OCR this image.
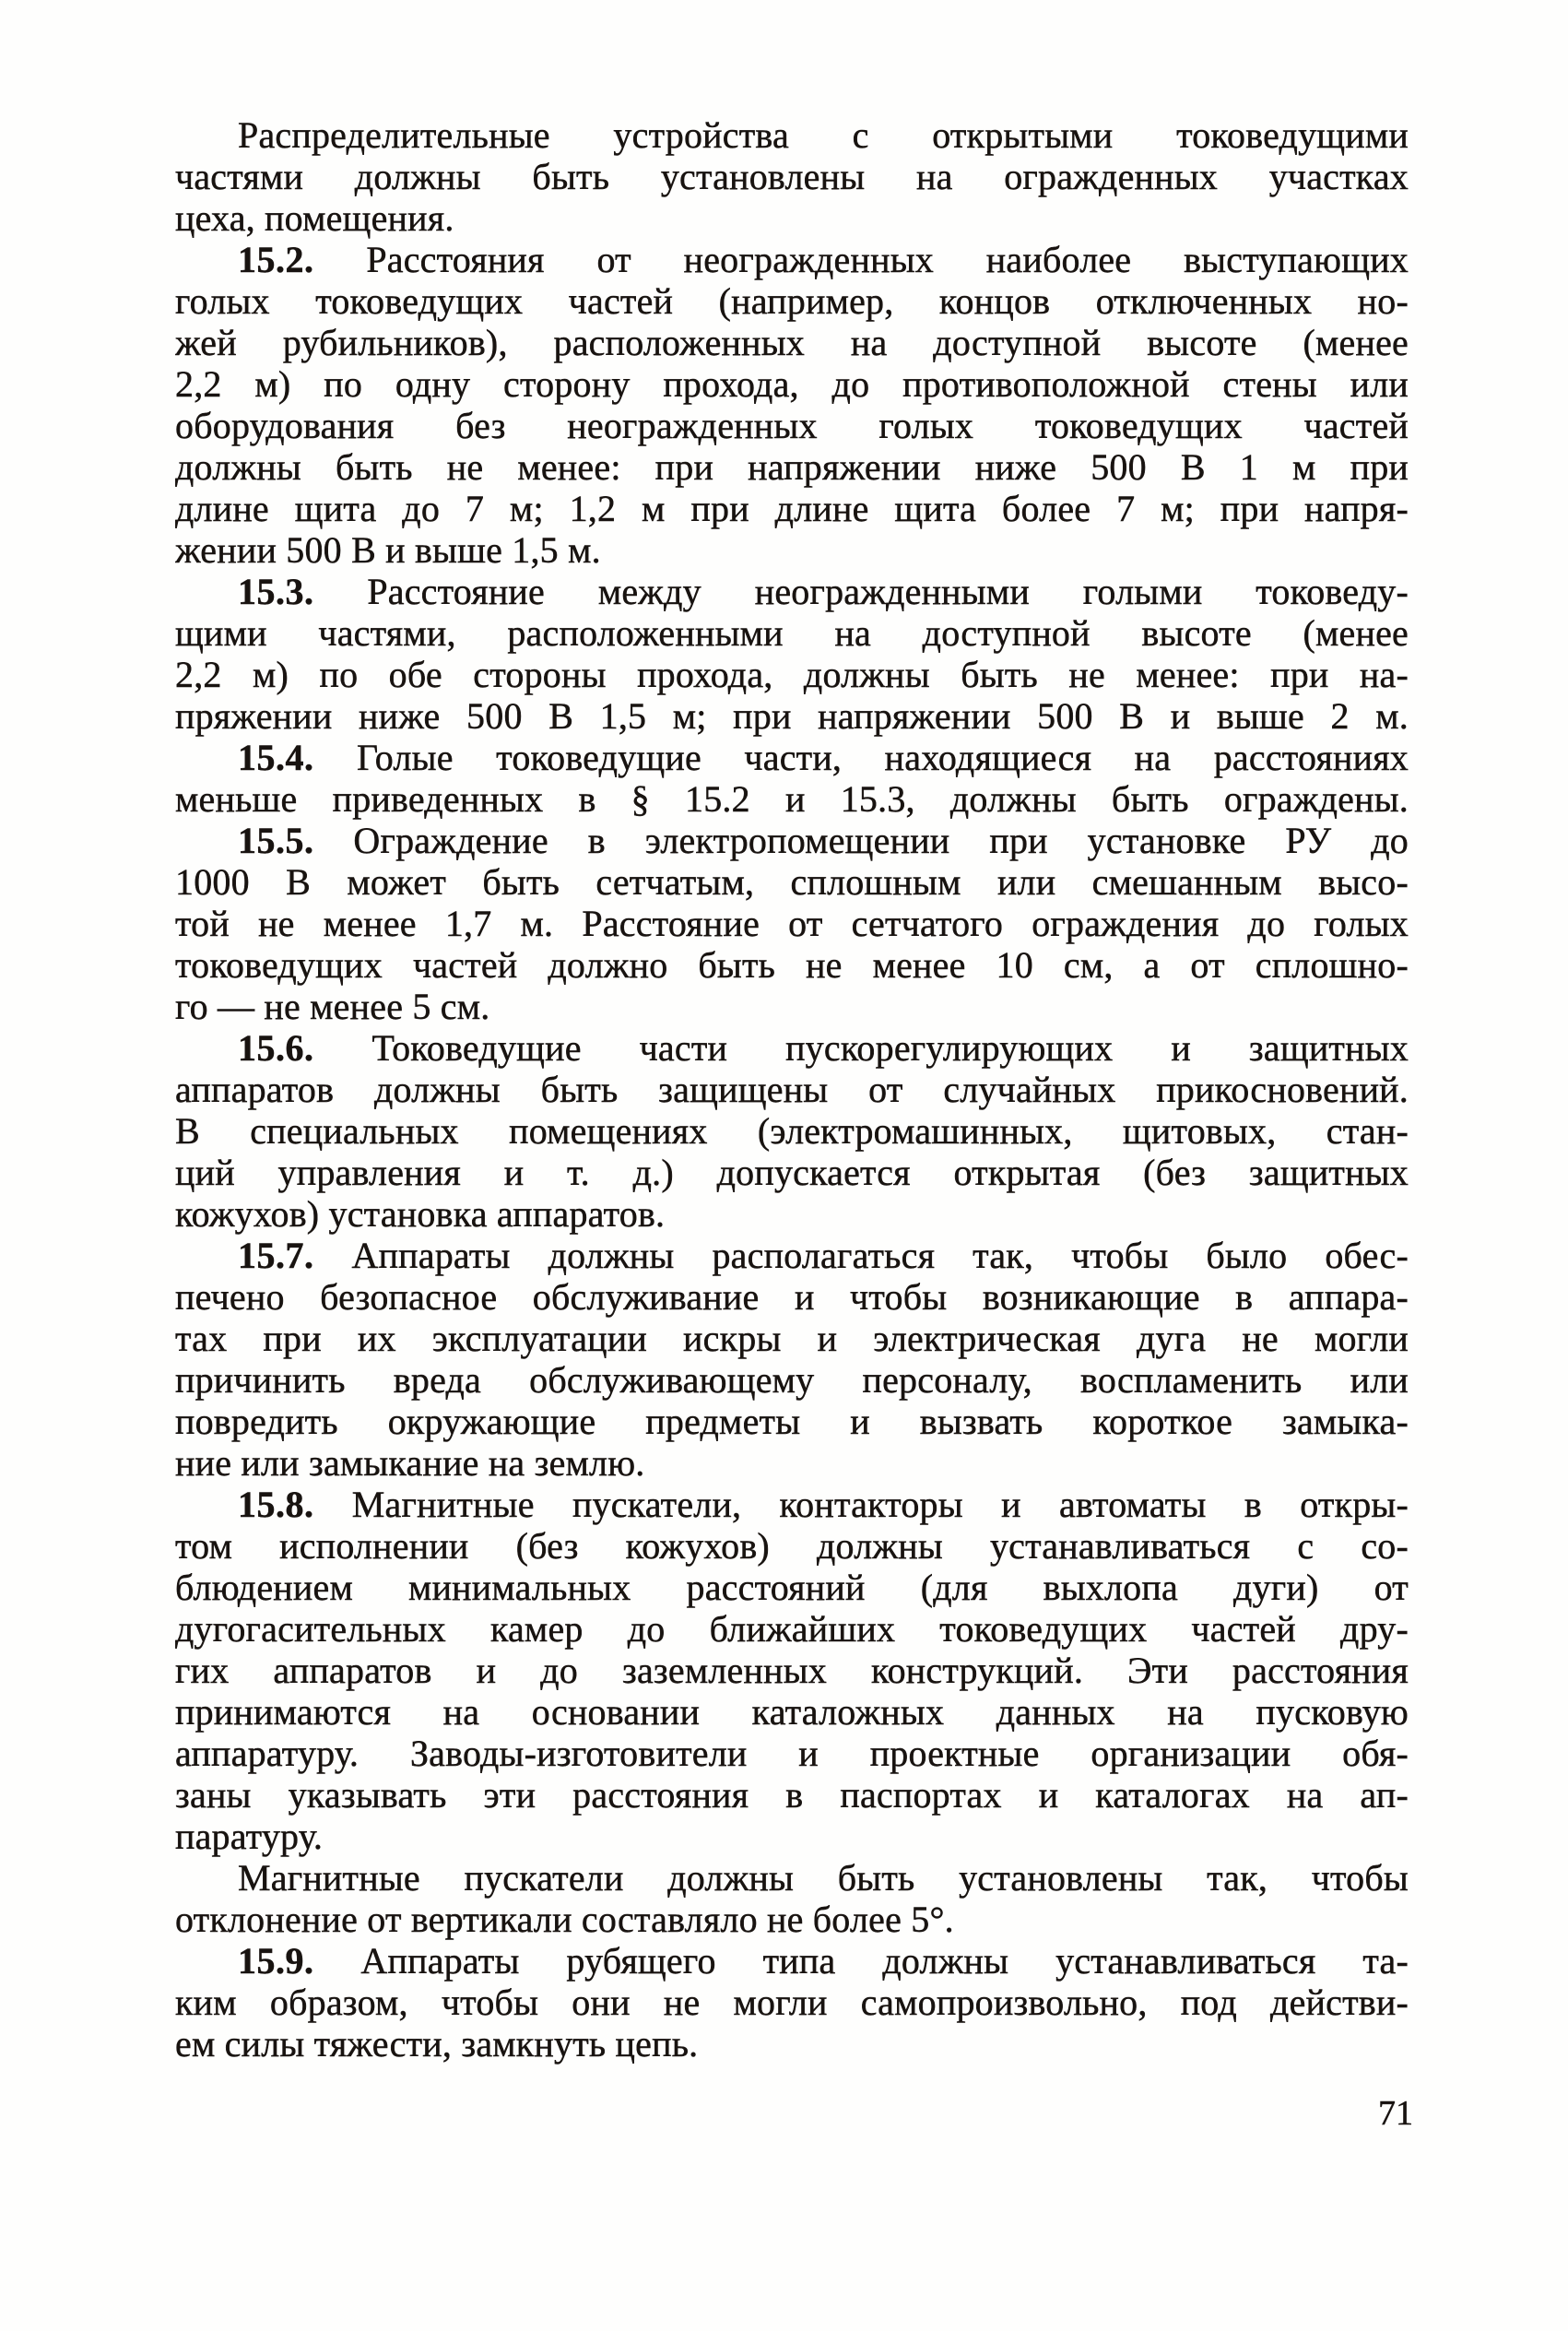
Распределительные устройства с открытыми токоведущими
частями должны быть установлены на огражденных участках
цеха, помещения.
15.2. Расстояния от неогражденных наиболее выступающих
голых токоведущих частей (например, концов отключенных но-
жей рубильников), расположенных на доступной высоте (менее
2,2 м) по одну сторону прохода, до противоположной стены или
оборудования без неогражденных голых токоведущих частей
должны быть не менее: при напряжении ниже 500 В 1 м при
длине щита до 7 м; 1,2 м при длине щита более 7 м; при напря-
жении 500 В и выше 1,5 м.
15.3. Расстояние между неогражденными голыми токоведу-
щими частями, расположенными на доступной высоте (менее
2,2 м) по обе стороны прохода, должны быть не менее: при на-
пряжении ниже 500 В 1,5 м; при напряжении 500 В и выше 2 м.
15.4. Голые токоведущие части, находящиеся на расстояниях
меньше приведенных в § 15.2 и 15.3, должны быть ограждены.
15.5. Ограждение в электропомещении при установке РУ до
1000 В может быть сетчатым, сплошным или смешанным высо-
той не менее 1,7 м. Расстояние от сетчатого ограждения до голых
токоведущих частей должно быть не менее 10 см, а от сплошно-
го — не менее 5 см.
15.6. Токоведущие части пускорегулирующих и защитных
аппаратов должны быть защищены от случайных прикосновений.
В специальных помещениях (электромашинных, щитовых, стан-
ций управления и т. д.) допускается открытая (без защитных
кожухов) установка аппаратов.
15.7. Аппараты должны располагаться так, чтобы было обес-
печено безопасное обслуживание и чтобы возникающие в аппара-
тах при их эксплуатации искры и электрическая дуга не могли
причинить вреда обслуживающему персоналу, воспламенить или
повредить окружающие предметы и вызвать короткое замыка-
ние или замыкание на землю.
15.8. Магнитные пускатели, контакторы и автоматы в откры-
том исполнении (без кожухов) должны устанавливаться с со-
блюдением минимальных расстояний (для выхлопа дуги) от
дугогасительных камер до ближайших токоведущих частей дру-
гих аппаратов и до заземленных конструкций. Эти расстояния
принимаются на основании каталожных данных на пусковую
аппаратуру. Заводы-изготовители и проектные организации обя-
заны указывать эти расстояния в паспортах и каталогах на ап-
паратуру.
Магнитные пускатели должны быть установлены так, чтобы
отклонение от вертикали составляло не более 5°.
15.9. Аппараты рубящего типа должны устанавливаться та-
ким образом, чтобы они не могли самопроизвольно, под действи-
ем силы тяжести, замкнуть цепь.
71
